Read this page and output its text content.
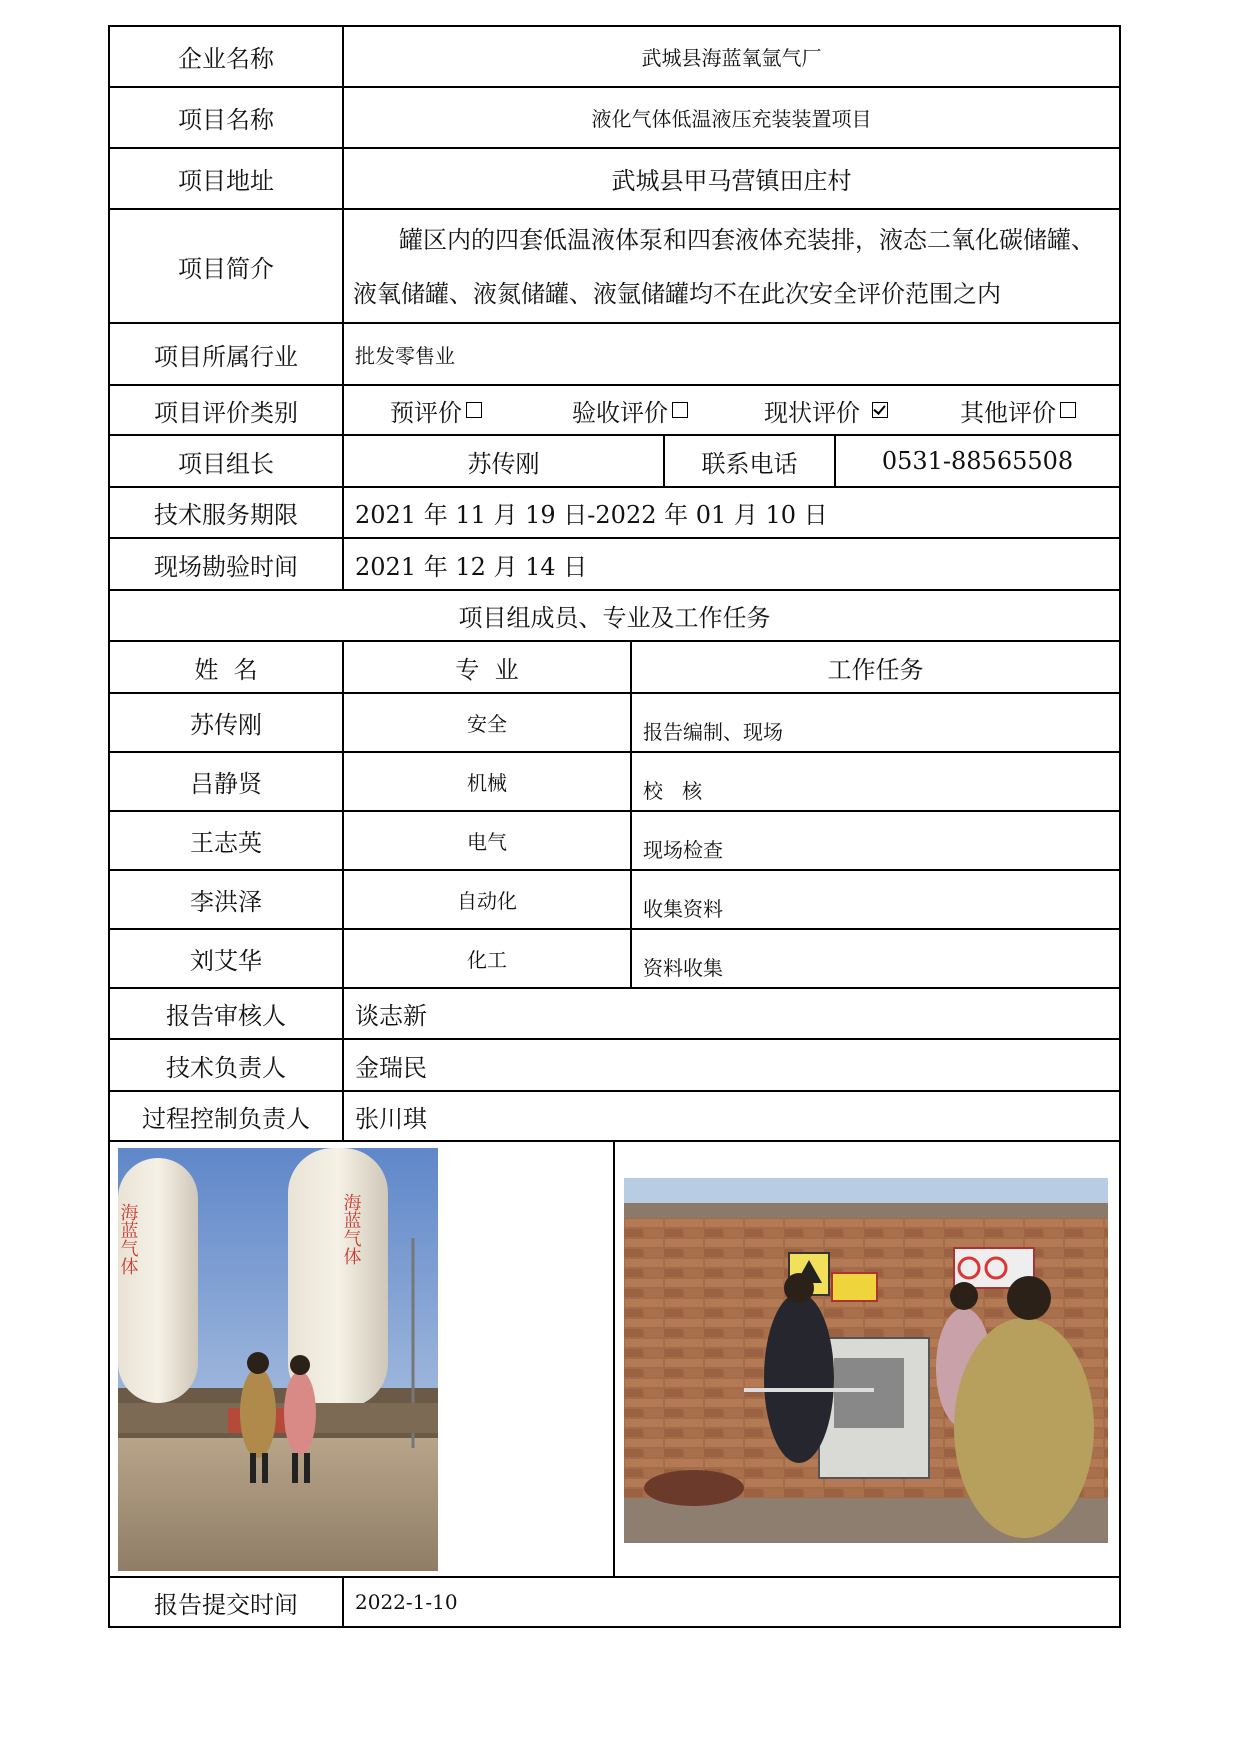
企业名称	武城县海蓝氧氩气厂
项目名称	液化气体低温液压充装装置项目
项目地址	武城县甲马营镇田庄村
项目简介

罐区内的四套低温液体泵和四套液体充装排，液态二氧化碳储罐、

液氧储罐、液氮储罐、液氩储罐均不在此次安全评价范围之内

项目所属行业	批发零售业
项目评价类别	预评价	验收评价	现状评价	其他评价
项目组长	苏传刚	联系电话	0531-88565508
技术服务期限	2021 年 11 月 19 日-2022 年 01 月 10 日
现场勘验时间	2021 年 12 月 14 日
项目组成员、专业及工作任务
姓  名	专  业	工作任务
苏传刚	安全	报告编制、现场
吕静贤	机械	校   核
王志英	电气	现场检查
李洪泽	自动化	收集资料
刘艾华	化工	资料收集
报告审核人	谈志新
技术负责人	金瑞民
过程控制负责人	张川琪
海蓝气体	海蓝气体
报告提交时间	2022-1-10
